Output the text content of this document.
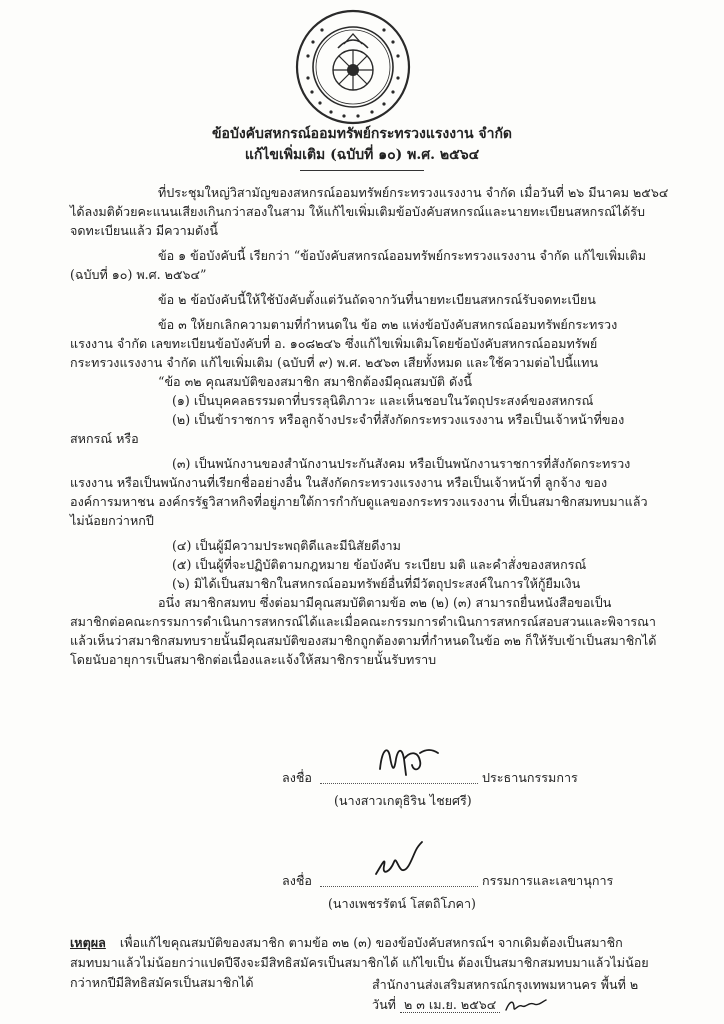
ข้อบังคับสหกรณ์ออมทรัพย์กระทรวงแรงงาน จำกัด
แก้ไขเพิ่มเติม (ฉบับที่ ๑๐) พ.ศ. ๒๕๖๔
ที่ประชุมใหญ่วิสามัญของสหกรณ์ออมทรัพย์กระทรวงแรงงาน จำกัด เมื่อวันที่ ๒๖ มีนาคม ๒๕๖๔
ได้ลงมติด้วยคะแนนเสียงเกินกว่าสองในสาม ให้แก้ไขเพิ่มเติมข้อบังคับสหกรณ์และนายทะเบียนสหกรณ์ได้รับ
จดทะเบียนแล้ว มีความดังนี้
ข้อ ๑ ข้อบังคับนี้ เรียกว่า “ข้อบังคับสหกรณ์ออมทรัพย์กระทรวงแรงงาน จำกัด แก้ไขเพิ่มเติม
(ฉบับที่ ๑๐) พ.ศ. ๒๕๖๔”
ข้อ ๒ ข้อบังคับนี้ให้ใช้บังคับตั้งแต่วันถัดจากวันที่นายทะเบียนสหกรณ์รับจดทะเบียน
ข้อ ๓ ให้ยกเลิกความตามที่กำหนดใน ข้อ ๓๒ แห่งข้อบังคับสหกรณ์ออมทรัพย์กระทรวง
แรงงาน จำกัด เลขทะเบียนข้อบังคับที่ อ. ๑๐๘๒๔๖ ซึ่งแก้ไขเพิ่มเติมโดยข้อบังคับสหกรณ์ออมทรัพย์
กระทรวงแรงงาน จำกัด แก้ไขเพิ่มเติม (ฉบับที่ ๙) พ.ศ. ๒๕๖๓ เสียทั้งหมด และใช้ความต่อไปนี้แทน
“ข้อ ๓๒ คุณสมบัติของสมาชิก สมาชิกต้องมีคุณสมบัติ ดังนี้
(๑) เป็นบุคคลธรรมดาที่บรรลุนิติภาวะ และเห็นชอบในวัตถุประสงค์ของสหกรณ์
(๒) เป็นข้าราชการ หรือลูกจ้างประจำที่สังกัดกระทรวงแรงงาน หรือเป็นเจ้าหน้าที่ของ
สหกรณ์ หรือ
(๓) เป็นพนักงานของสำนักงานประกันสังคม หรือเป็นพนักงานราชการที่สังกัดกระทรวง
แรงงาน หรือเป็นพนักงานที่เรียกชื่ออย่างอื่น ในสังกัดกระทรวงแรงงาน หรือเป็นเจ้าหน้าที่ ลูกจ้าง ของ
องค์การมหาชน องค์กรรัฐวิสาหกิจที่อยู่ภายใต้การกำกับดูแลของกระทรวงแรงงาน ที่เป็นสมาชิกสมทบมาแล้ว
ไม่น้อยกว่าหกปี
(๔) เป็นผู้มีความประพฤติดีและมีนิสัยดีงาม
(๕) เป็นผู้ที่จะปฏิบัติตามกฎหมาย ข้อบังคับ ระเบียบ มติ และคำสั่งของสหกรณ์
(๖) มิได้เป็นสมาชิกในสหกรณ์ออมทรัพย์อื่นที่มีวัตถุประสงค์ในการให้กู้ยืมเงิน
อนึ่ง สมาชิกสมทบ ซึ่งต่อมามีคุณสมบัติตามข้อ ๓๒ (๒) (๓) สามารถยื่นหนังสือขอเป็น
สมาชิกต่อคณะกรรมการดำเนินการสหกรณ์ได้และเมื่อคณะกรรมการดำเนินการสหกรณ์สอบสวนและพิจารณา
แล้วเห็นว่าสมาชิกสมทบรายนั้นมีคุณสมบัติของสมาชิกถูกต้องตามที่กำหนดในข้อ ๓๒ ก็ให้รับเข้าเป็นสมาชิกได้
โดยนับอายุการเป็นสมาชิกต่อเนื่องและแจ้งให้สมาชิกรายนั้นรับทราบ
ลงชื่อ	ประธานกรรมการ
(นางสาวเกตุธิริน ไชยศรี)
ลงชื่อ	กรรมการและเลขานุการ
(นางเพชรรัตน์ โสตถิโภคา)
เหตุผล เพื่อแก้ไขคุณสมบัติของสมาชิก ตามข้อ ๓๒ (๓) ของข้อบังคับสหกรณ์ฯ จากเดิมต้องเป็นสมาชิก
สมทบมาแล้วไม่น้อยกว่าแปดปีจึงจะมีสิทธิสมัครเป็นสมาชิกได้ แก้ไขเป็น ต้องเป็นสมาชิกสมทบมาแล้วไม่น้อย
กว่าหกปีมีสิทธิสมัครเป็นสมาชิกได้	สำนักงานส่งเสริมสหกรณ์กรุงเทพมหานคร พื้นที่ ๒
วันที่ ๒ ๓ เม.ย. ๒๕๖๔
